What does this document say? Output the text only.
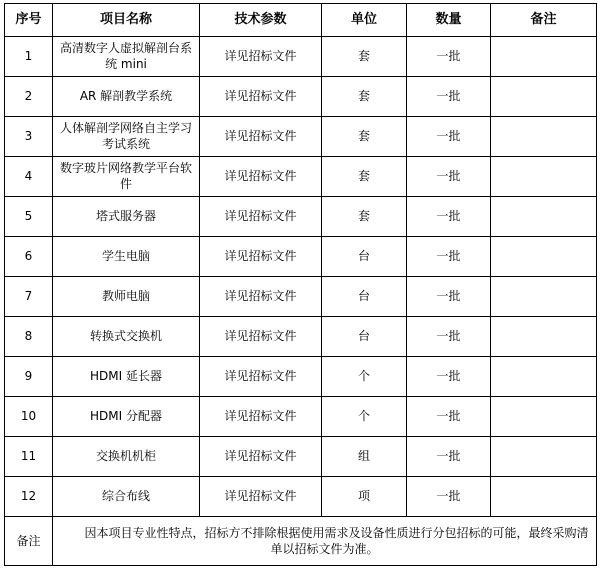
序号	项目名称	技术参数	单位	数量	备注
1	高清数字人虚拟解剖台系统 mini	详见招标文件	套	一批	
2	AR 解剖教学系统	详见招标文件	套	一批	
3	人体解剖学网络自主学习考试系统	详见招标文件	套	一批	
4	数字玻片网络教学平台软件	详见招标文件	套	一批	
5	塔式服务器	详见招标文件	套	一批	
6	学生电脑	详见招标文件	台	一批	
7	教师电脑	详见招标文件	台	一批	
8	转换式交换机	详见招标文件	台	一批	
9	HDMI 延长器	详见招标文件	个	一批	
10	HDMI 分配器	详见招标文件	个	一批	
11	交换机机柜	详见招标文件	组	一批	
12	综合布线	详见招标文件	项	一批	
备注	因本项目专业性特点，招标方不排除根据使用需求及设备性质进行分包招标的可能，最终采购清单以招标文件为准。				
